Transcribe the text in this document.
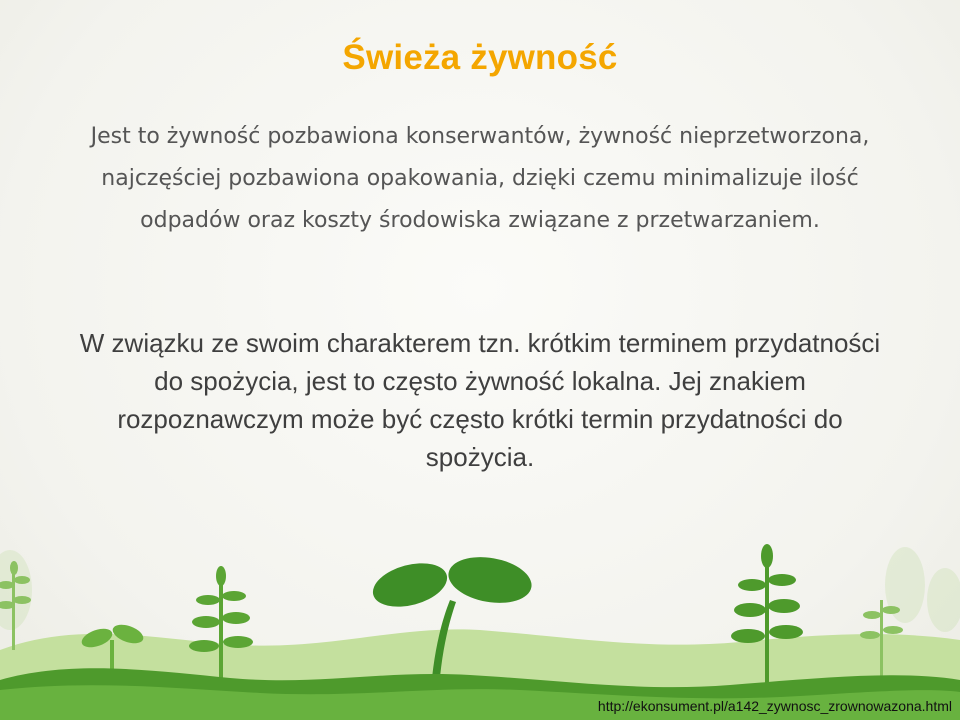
Świeża żywność
Jest to żywność pozbawiona konserwantów, żywność nieprzetworzona, najczęściej pozbawiona opakowania, dzięki czemu minimalizuje ilość odpadów oraz koszty środowiska związane z przetwarzaniem.
W związku ze swoim charakterem tzn. krótkim terminem przydatności do spożycia, jest to często żywność lokalna. Jej znakiem rozpoznawczym może być często krótki termin przydatności do spożycia.
http://ekonsument.pl/a142_zywnosc_zrownowazona.html
